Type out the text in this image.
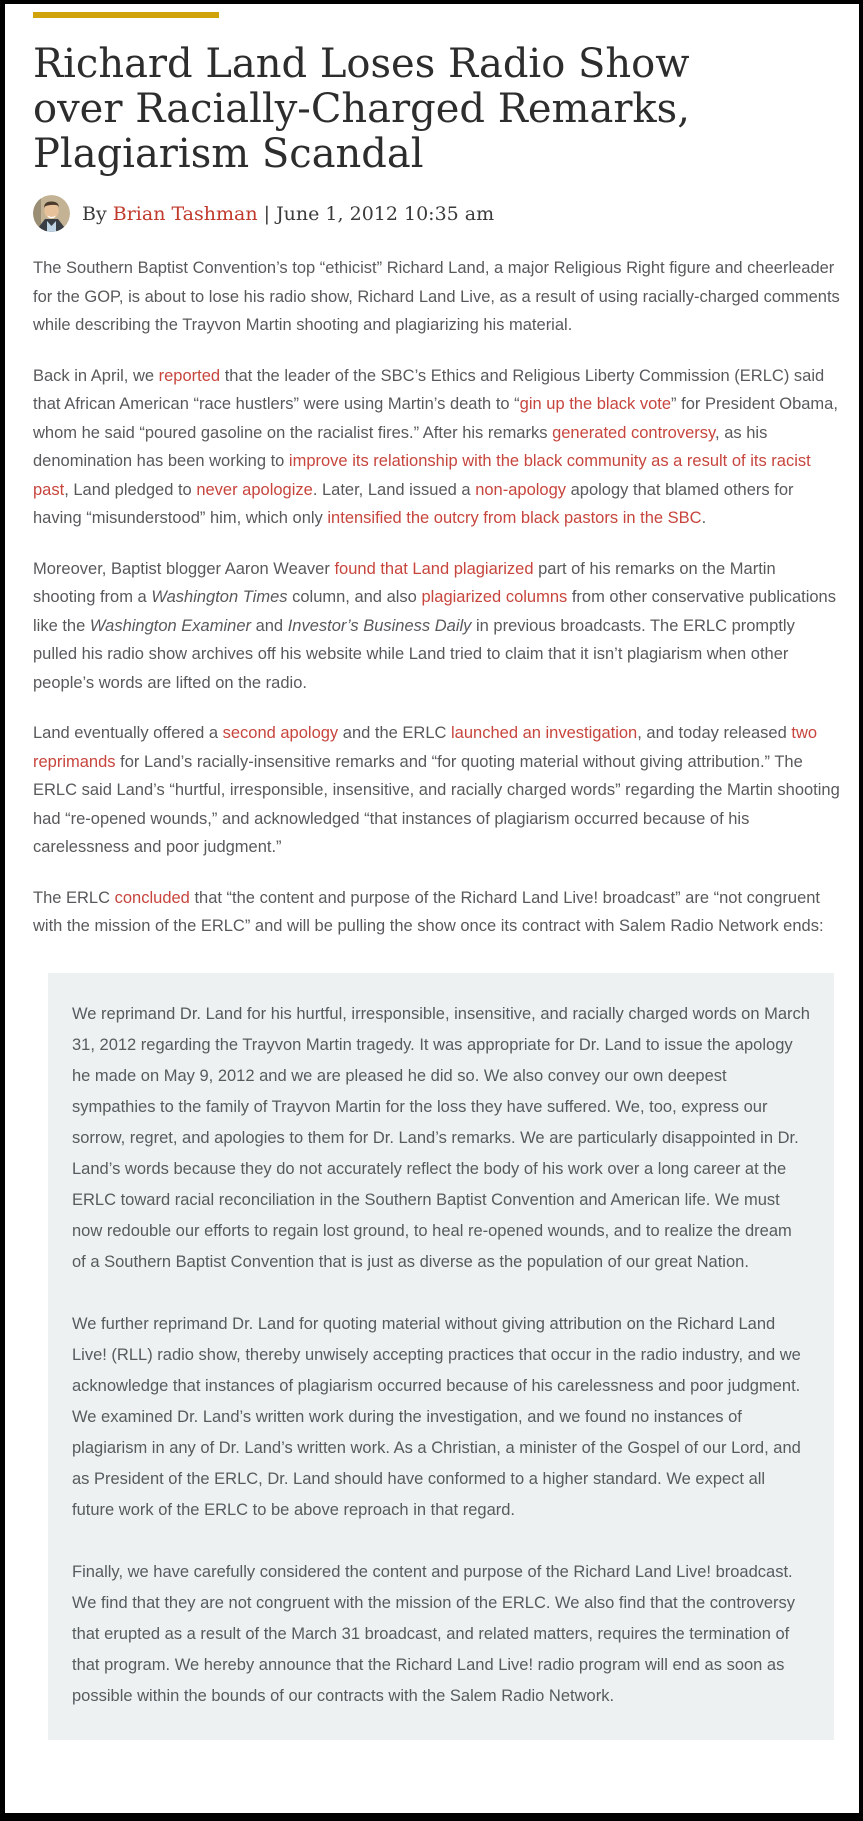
Richard Land Loses Radio Show
over Racially-Charged Remarks,
Plagiarism Scandal
By Brian Tashman | June 1, 2012 10:35 am

The Southern Baptist Convention’s top “ethicist” Richard Land, a major Religious Right figure and cheerleader for the GOP, is about to lose his radio show, Richard Land Live, as a result of using racially-charged comments while describing the Trayvon Martin shooting and plagiarizing his material.

Back in April, we reported that the leader of the SBC’s Ethics and Religious Liberty Commission (ERLC) said that African American “race hustlers” were using Martin’s death to “gin up the black vote” for President Obama, whom he said “poured gasoline on the racialist fires.” After his remarks generated controversy, as his denomination has been working to improve its relationship with the black community as a result of its racist past, Land pledged to never apologize. Later, Land issued a non-apology apology that blamed others for having “misunderstood” him, which only intensified the outcry from black pastors in the SBC.

Moreover, Baptist blogger Aaron Weaver found that Land plagiarized part of his remarks on the Martin shooting from a Washington Times column, and also plagiarized columns from other conservative publications like the Washington Examiner and Investor’s Business Daily in previous broadcasts. The ERLC promptly pulled his radio show archives off his website while Land tried to claim that it isn’t plagiarism when other people’s words are lifted on the radio.

Land eventually offered a second apology and the ERLC launched an investigation, and today released two reprimands for Land’s racially-insensitive remarks and “for quoting material without giving attribution.” The ERLC said Land’s “hurtful, irresponsible, insensitive, and racially charged words” regarding the Martin shooting had “re-opened wounds,” and acknowledged “that instances of plagiarism occurred because of his carelessness and poor judgment.”

The ERLC concluded that “the content and purpose of the Richard Land Live! broadcast” are “not congruent with the mission of the ERLC” and will be pulling the show once its contract with Salem Radio Network ends:

We reprimand Dr. Land for his hurtful, irresponsible, insensitive, and racially charged words on March 31, 2012 regarding the Trayvon Martin tragedy. It was appropriate for Dr. Land to issue the apology he made on May 9, 2012 and we are pleased he did so. We also convey our own deepest sympathies to the family of Trayvon Martin for the loss they have suffered. We, too, express our sorrow, regret, and apologies to them for Dr. Land’s remarks. We are particularly disappointed in Dr. Land’s words because they do not accurately reflect the body of his work over a long career at the ERLC toward racial reconciliation in the Southern Baptist Convention and American life. We must now redouble our efforts to regain lost ground, to heal re-opened wounds, and to realize the dream of a Southern Baptist Convention that is just as diverse as the population of our great Nation.

We further reprimand Dr. Land for quoting material without giving attribution on the Richard Land Live! (RLL) radio show, thereby unwisely accepting practices that occur in the radio industry, and we acknowledge that instances of plagiarism occurred because of his carelessness and poor judgment. We examined Dr. Land’s written work during the investigation, and we found no instances of plagiarism in any of Dr. Land’s written work. As a Christian, a minister of the Gospel of our Lord, and as President of the ERLC, Dr. Land should have conformed to a higher standard. We expect all future work of the ERLC to be above reproach in that regard.

Finally, we have carefully considered the content and purpose of the Richard Land Live! broadcast. We find that they are not congruent with the mission of the ERLC. We also find that the controversy that erupted as a result of the March 31 broadcast, and related matters, requires the termination of that program. We hereby announce that the Richard Land Live! radio program will end as soon as possible within the bounds of our contracts with the Salem Radio Network.
